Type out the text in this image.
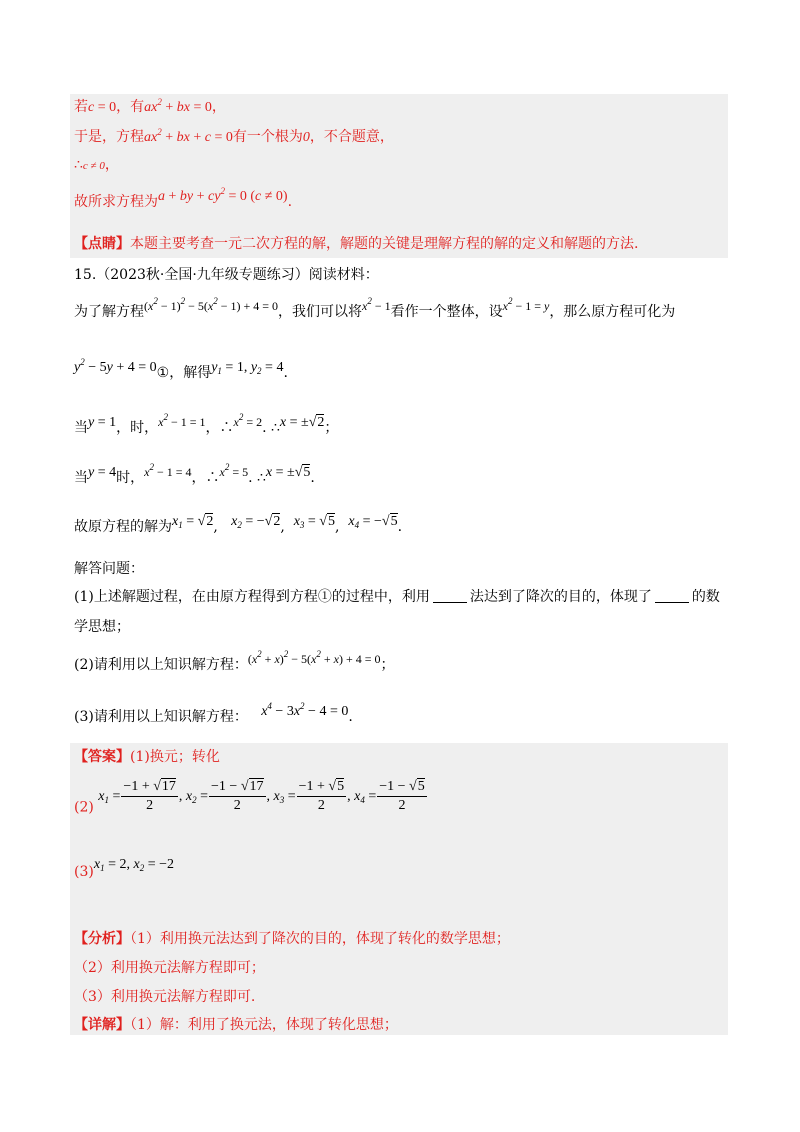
若c = 0，有$ax^2$ + bx = 0，
于是，方程$ax^2$ + bx + c = 0有一个根为0，不合题意，
∴c ≠ 0，
故所求方程为a + by + $cy^2 = 0$ (c ≠ 0).
【点睛】本题主要考查一元二次方程的解，解题的关键是理解方程的解的定义和解题的方法.
15.（2023秋·全国·九年级专题练习）阅读材料：
为了解方程$(x^2 - 1)^2 - 5(x^2 - 1) + 4 = 0$，我们可以将$x^2 - 1$看作一个整体，设$x^2 - 1 = y$，那么原方程可化为
$y^2 - 5y + 4$ = 0①，解得$y_1 = 1$, $y_2 = 4$.
当y = 1，时，$x^2 - 1 = 1$，$\therefore x^2 = 2$. ∴x = ±√2；
当y = 4时，$x^2 - 1 = 4$，$\therefore x^2 = 5$. ∴x = ±√5.
故原方程的解为$x_1 = √2$,   $x_2 = -√2$,  $x_3 = √5$,  $x_4 = -√5$.
解答问题：
(1)上述解题过程，在由原方程得到方程①的过程中，利用	法达到了降次的目的，体现了	的数
学思想；
(2)请利用以上知识解方程：$(x^2 + x)^2 - 5(x^2 + x) + 4 = 0$；
(3)请利用以上知识解方程： $x^4 - 3x^2 - 4 = 0$.
【答案】(1)换元；转化
(2) $x_1 = \frac{-1 + √17}{2}$ , $x_2 = \frac{-1 - √17}{2}$ , $x_3 = \frac{-1 + √5}{2}$ , $x_4 = \frac{-1 - √5}{2}$
$(3)x_1 = 2$, $x_2 = -2$
【分析】（1）利用换元法达到了降次的目的，体现了转化的数学思想；
（2）利用换元法解方程即可；
（3）利用换元法解方程即可.
【详解】（1）解：利用了换元法，体现了转化思想；
